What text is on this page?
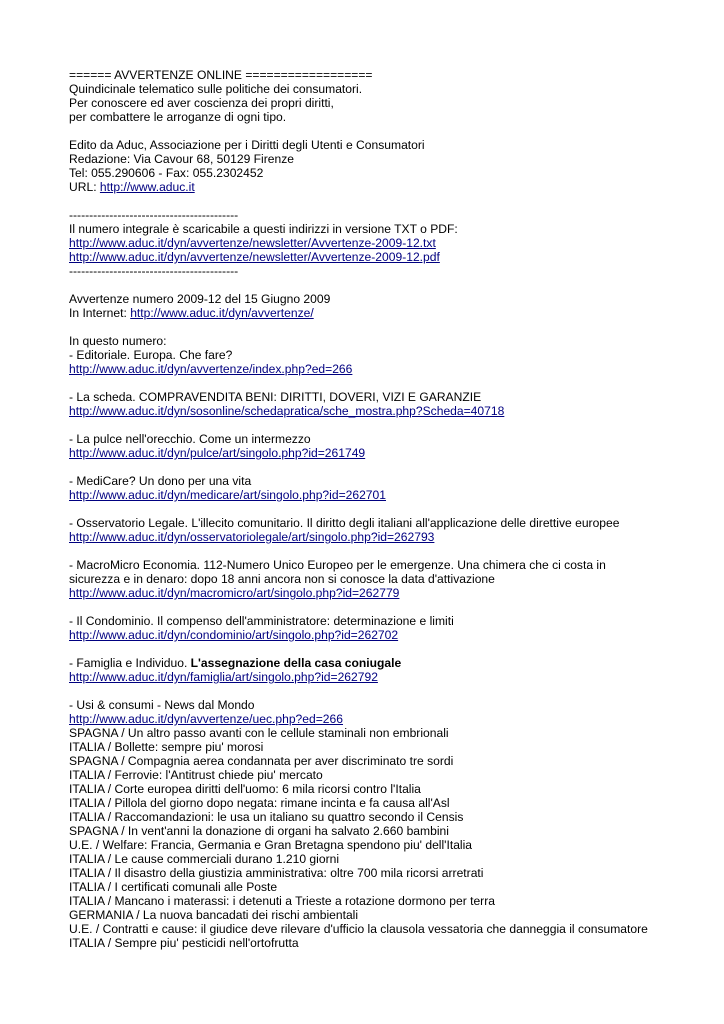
====== AVVERTENZE ONLINE ==================
Quindicinale telematico sulle politiche dei consumatori.
Per conoscere ed aver coscienza dei propri diritti,
per combattere le arroganze di ogni tipo.
Edito da Aduc, Associazione per i Diritti degli Utenti e Consumatori
Redazione: Via Cavour 68, 50129 Firenze
Tel: 055.290606 - Fax: 055.2302452
URL: http://www.aduc.it
------------------------------------------
Il numero integrale è scaricabile a questi indirizzi in versione TXT o PDF:
http://www.aduc.it/dyn/avvertenze/newsletter/Avvertenze-2009-12.txt
http://www.aduc.it/dyn/avvertenze/newsletter/Avvertenze-2009-12.pdf
------------------------------------------
Avvertenze numero 2009-12 del 15 Giugno 2009
In Internet: http://www.aduc.it/dyn/avvertenze/
In questo numero:
- Editoriale. Europa. Che fare?
http://www.aduc.it/dyn/avvertenze/index.php?ed=266
- La scheda. COMPRAVENDITA BENI: DIRITTI, DOVERI, VIZI E GARANZIE
http://www.aduc.it/dyn/sosonline/schedapratica/sche_mostra.php?Scheda=40718
- La pulce nell'orecchio. Come un intermezzo
http://www.aduc.it/dyn/pulce/art/singolo.php?id=261749
- MediCare? Un dono per una vita
http://www.aduc.it/dyn/medicare/art/singolo.php?id=262701
- Osservatorio Legale. L'illecito comunitario. Il diritto degli italiani all'applicazione delle direttive europee
http://www.aduc.it/dyn/osservatoriolegale/art/singolo.php?id=262793
- MacroMicro Economia. 112-Numero Unico Europeo per le emergenze. Una chimera che ci costa in sicurezza e in denaro: dopo 18 anni ancora non si conosce la data d'attivazione
http://www.aduc.it/dyn/macromicro/art/singolo.php?id=262779
- Il Condominio. Il compenso dell'amministratore: determinazione e limiti
http://www.aduc.it/dyn/condominio/art/singolo.php?id=262702
- Famiglia e Individuo. L'assegnazione della casa coniugale
http://www.aduc.it/dyn/famiglia/art/singolo.php?id=262792
- Usi & consumi - News dal Mondo
http://www.aduc.it/dyn/avvertenze/uec.php?ed=266
SPAGNA / Un altro passo avanti con le cellule staminali non embrionali
ITALIA / Bollette: sempre piu' morosi
SPAGNA / Compagnia aerea condannata per aver discriminato tre sordi
ITALIA / Ferrovie: l'Antitrust chiede piu' mercato
ITALIA / Corte europea diritti dell'uomo: 6 mila ricorsi contro l'Italia
ITALIA / Pillola del giorno dopo negata: rimane incinta e fa causa all'Asl
ITALIA / Raccomandazioni: le usa un italiano su quattro secondo il Censis
SPAGNA / In vent'anni la donazione di organi ha salvato 2.660 bambini
U.E. / Welfare: Francia, Germania e Gran Bretagna spendono piu' dell'Italia
ITALIA / Le cause commerciali durano 1.210 giorni
ITALIA / Il disastro della giustizia amministrativa: oltre 700 mila ricorsi arretrati
ITALIA / I certificati comunali alle Poste
ITALIA / Mancano i materassi: i detenuti a Trieste a rotazione dormono per terra
GERMANIA / La nuova bancadati dei rischi ambientali
U.E. / Contratti e cause: il giudice deve rilevare d'ufficio la clausola vessatoria che danneggia il consumatore
ITALIA / Sempre piu' pesticidi nell'ortofrutta
